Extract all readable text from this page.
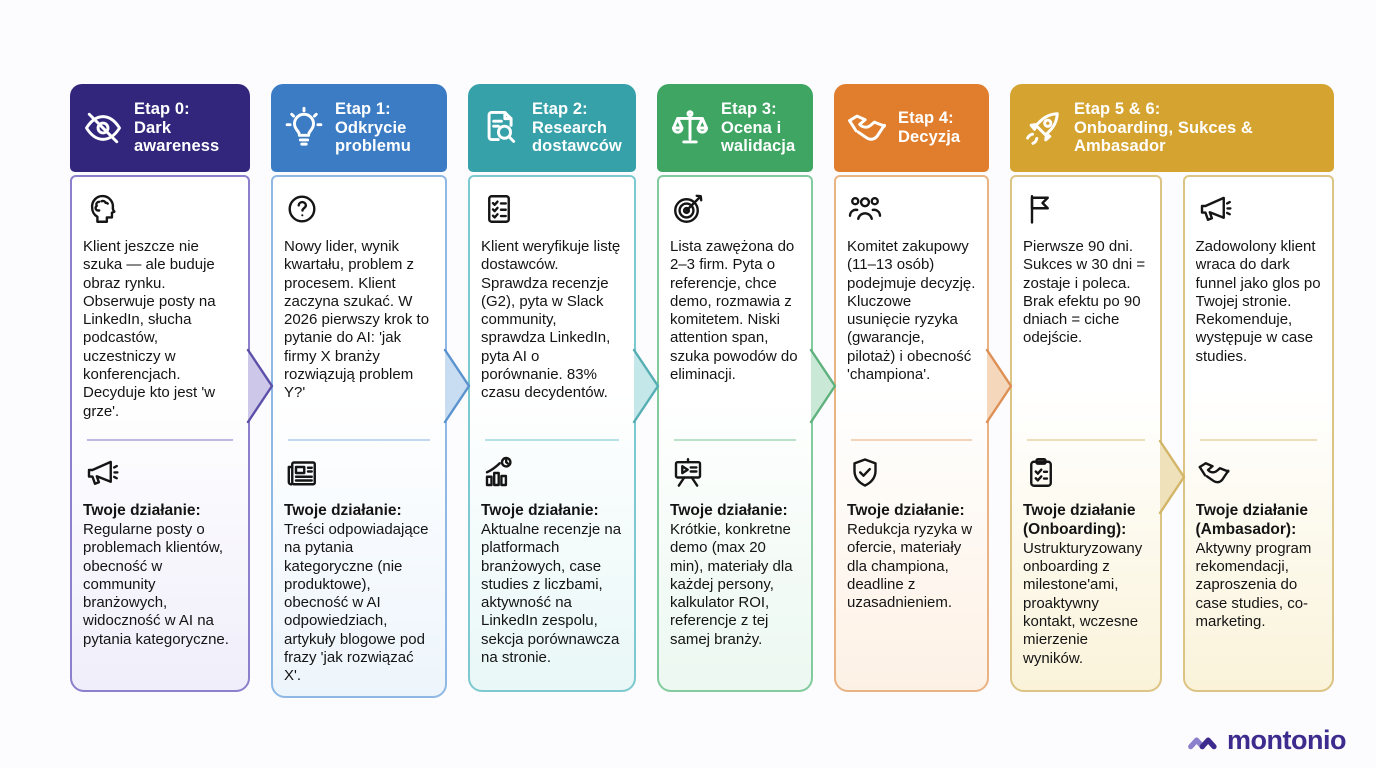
Etap 0:
Dark awareness

Klient jeszcze nie szuka — ale buduje obraz rynku. Obserwuje posty na LinkedIn, słucha podcastów, uczestniczy w konferencjach. Decyduje kto jest 'w grze'.

Twoje działanie:
Regularne posty o problemach klientów, obecność w community branżowych, widoczność w AI na pytania kategoryczne.

Etap 1:
Odkrycie problemu

Nowy lider, wynik kwartału, problem z procesem. Klient zaczyna szukać. W 2026 pierwszy krok to pytanie do AI: 'jak firmy X branży rozwiązują problem Y?'

Twoje działanie:
Treści odpowiadające na pytania kategoryczne (nie produktowe), obecność w AI odpowiedziach, artykuły blogowe pod frazy 'jak rozwiązać X'.

Etap 2:
Research dostawców

Klient weryfikuje listę dostawców. Sprawdza recenzje (G2), pyta w Slack community, sprawdza LinkedIn, pyta AI o porównanie. 83% czasu decydentów.

Twoje działanie:
Aktualne recenzje na platformach branżowych, case studies z liczbami, aktywność na LinkedIn zespolu, sekcja porównawcza na stronie.

Etap 3:
Ocena i walidacja

Lista zawężona do 2–3 firm. Pyta o referencje, chce demo, rozmawia z komitetem. Niski attention span, szuka powodów do eliminacji.

Twoje działanie:
Krótkie, konkretne demo (max 20 min), materiały dla każdej persony, kalkulator ROI, referencje z tej samej branży.

Etap 4:
Decyzja

Komitet zakupowy (11–13 osób) podejmuje decyzję. Kluczowe usunięcie ryzyka (gwarancje, pilotaż) i obecność 'championa'.

Twoje działanie:
Redukcja ryzyka w ofercie, materiały dla championa, deadline z uzasadnieniem.

Etap 5 & 6:
Onboarding, Sukces & Ambasador

Pierwsze 90 dni. Sukces w 30 dni = zostaje i poleca. Brak efektu po 90 dniach = ciche odejście.

Twoje działanie (Onboarding):
Ustrukturyzowany onboarding z milestone'ami, proaktywny kontakt, wczesne mierzenie wyników.

Zadowolony klient wraca do dark funnel jako glos po Twojej stronie. Rekomenduje, występuje w case studies.

Twoje działanie (Ambasador):
Aktywny program rekomendacji, zaproszenia do case studies, co-marketing.

montonio
